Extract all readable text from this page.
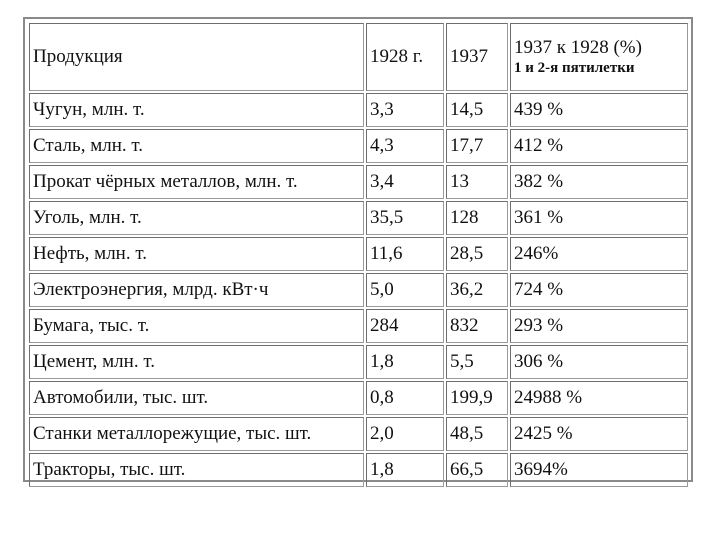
Продукция	1928 г.	1937	1937 к 1928 (%)
1 и 2-я пятилетки

Чугун, млн. т.	3,3	14,5	439 %
Сталь, млн. т.	4,3	17,7	412 %
Прокат чёрных металлов, млн. т.	3,4	13	382 %
Уголь, млн. т.	35,5	128	361 %
Нефть, млн. т.	11,6	28,5	246%
Электроэнергия, млрд. кВт·ч	5,0	36,2	724 %
Бумага, тыс. т.	284	832	293 %
Цемент, млн. т.	1,8	5,5	306 %
Автомобили, тыс. шт.	0,8	199,9	24988 %
Станки металлорежущие, тыс. шт.	2,0	48,5	2425 %
Тракторы, тыс. шт.	1,8	66,5	3694%
